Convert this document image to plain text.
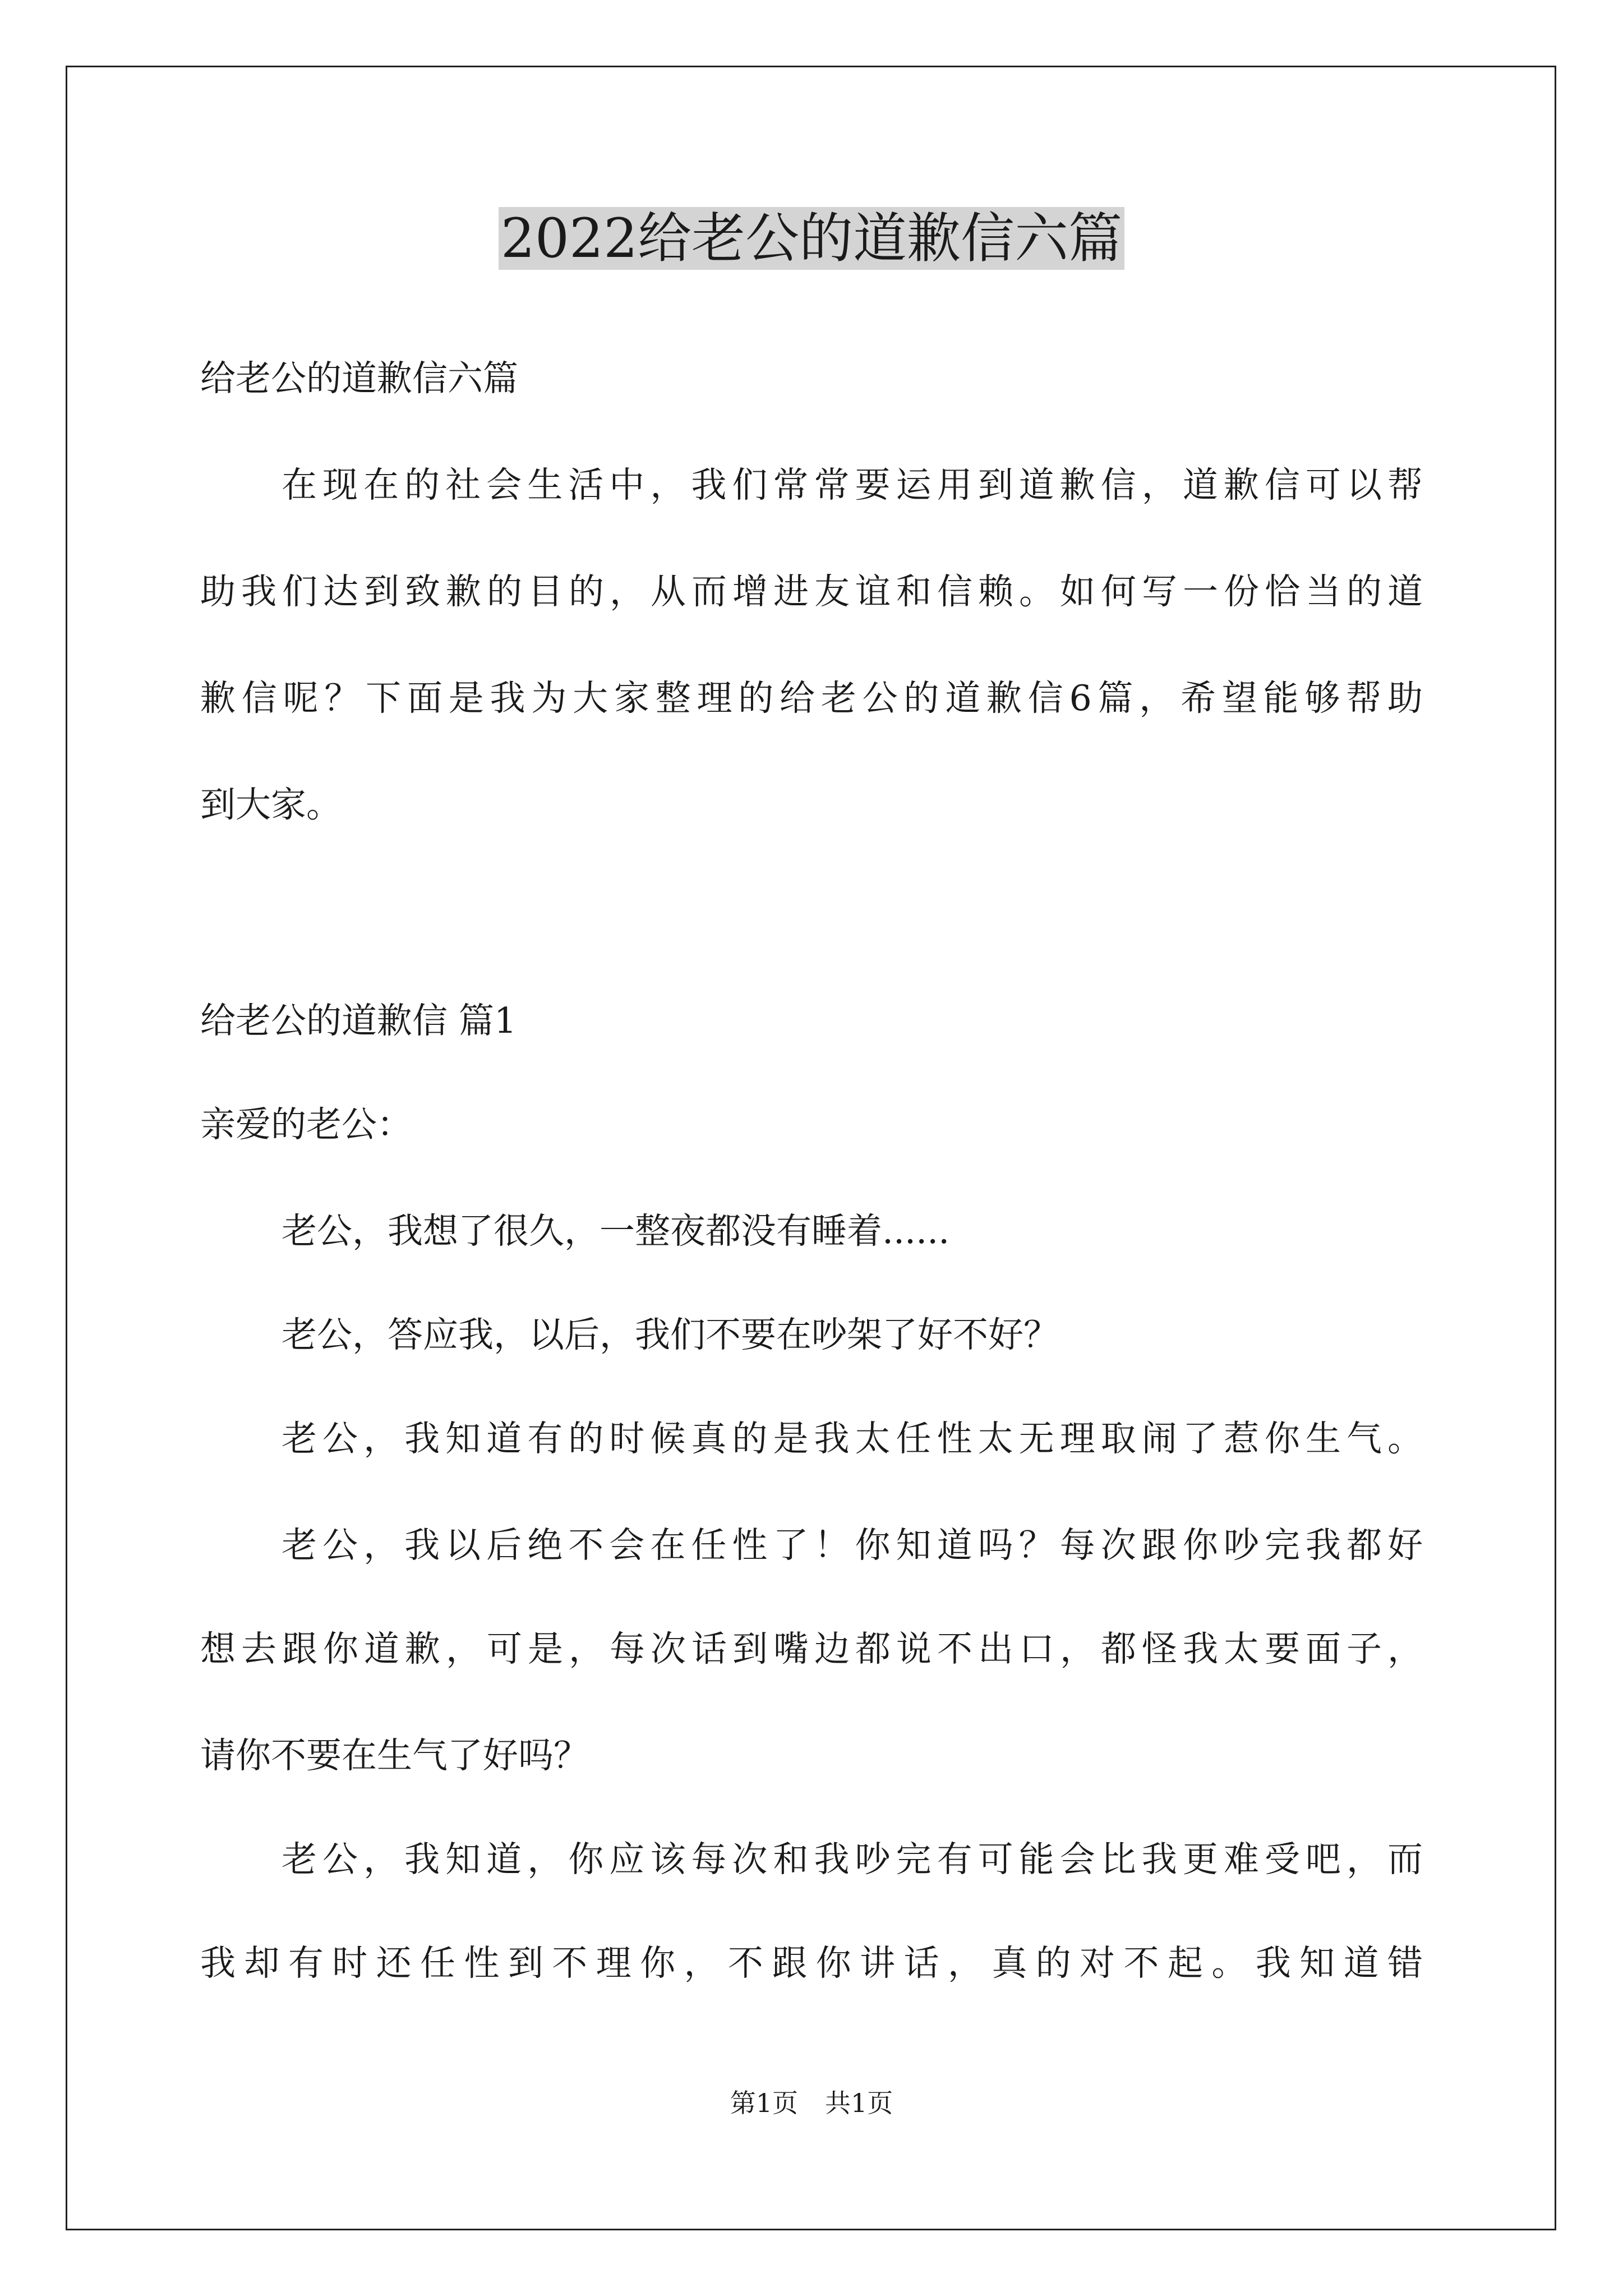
2022给老公的道歉信六篇
给老公的道歉信六篇
在现在的社会生活中，我们常常要运用到道歉信，道歉信可以帮
助我们达到致歉的目的，从而增进友谊和信赖。如何写一份恰当的道
歉信呢？下面是我为大家整理的给老公的道歉信6篇，希望能够帮助
到大家。
给老公的道歉信 篇1
亲爱的老公：
老公，我想了很久，一整夜都没有睡着......
老公，答应我，以后，我们不要在吵架了好不好？
老公，我知道有的时候真的是我太任性太无理取闹了惹你生气。
老公，我以后绝不会在任性了！你知道吗？每次跟你吵完我都好
想去跟你道歉，可是，每次话到嘴边都说不出口，都怪我太要面子，
请你不要在生气了好吗？
老公，我知道，你应该每次和我吵完有可能会比我更难受吧，而
我却有时还任性到不理你，不跟你讲话，真的对不起。我知道错
第1页 共1页
